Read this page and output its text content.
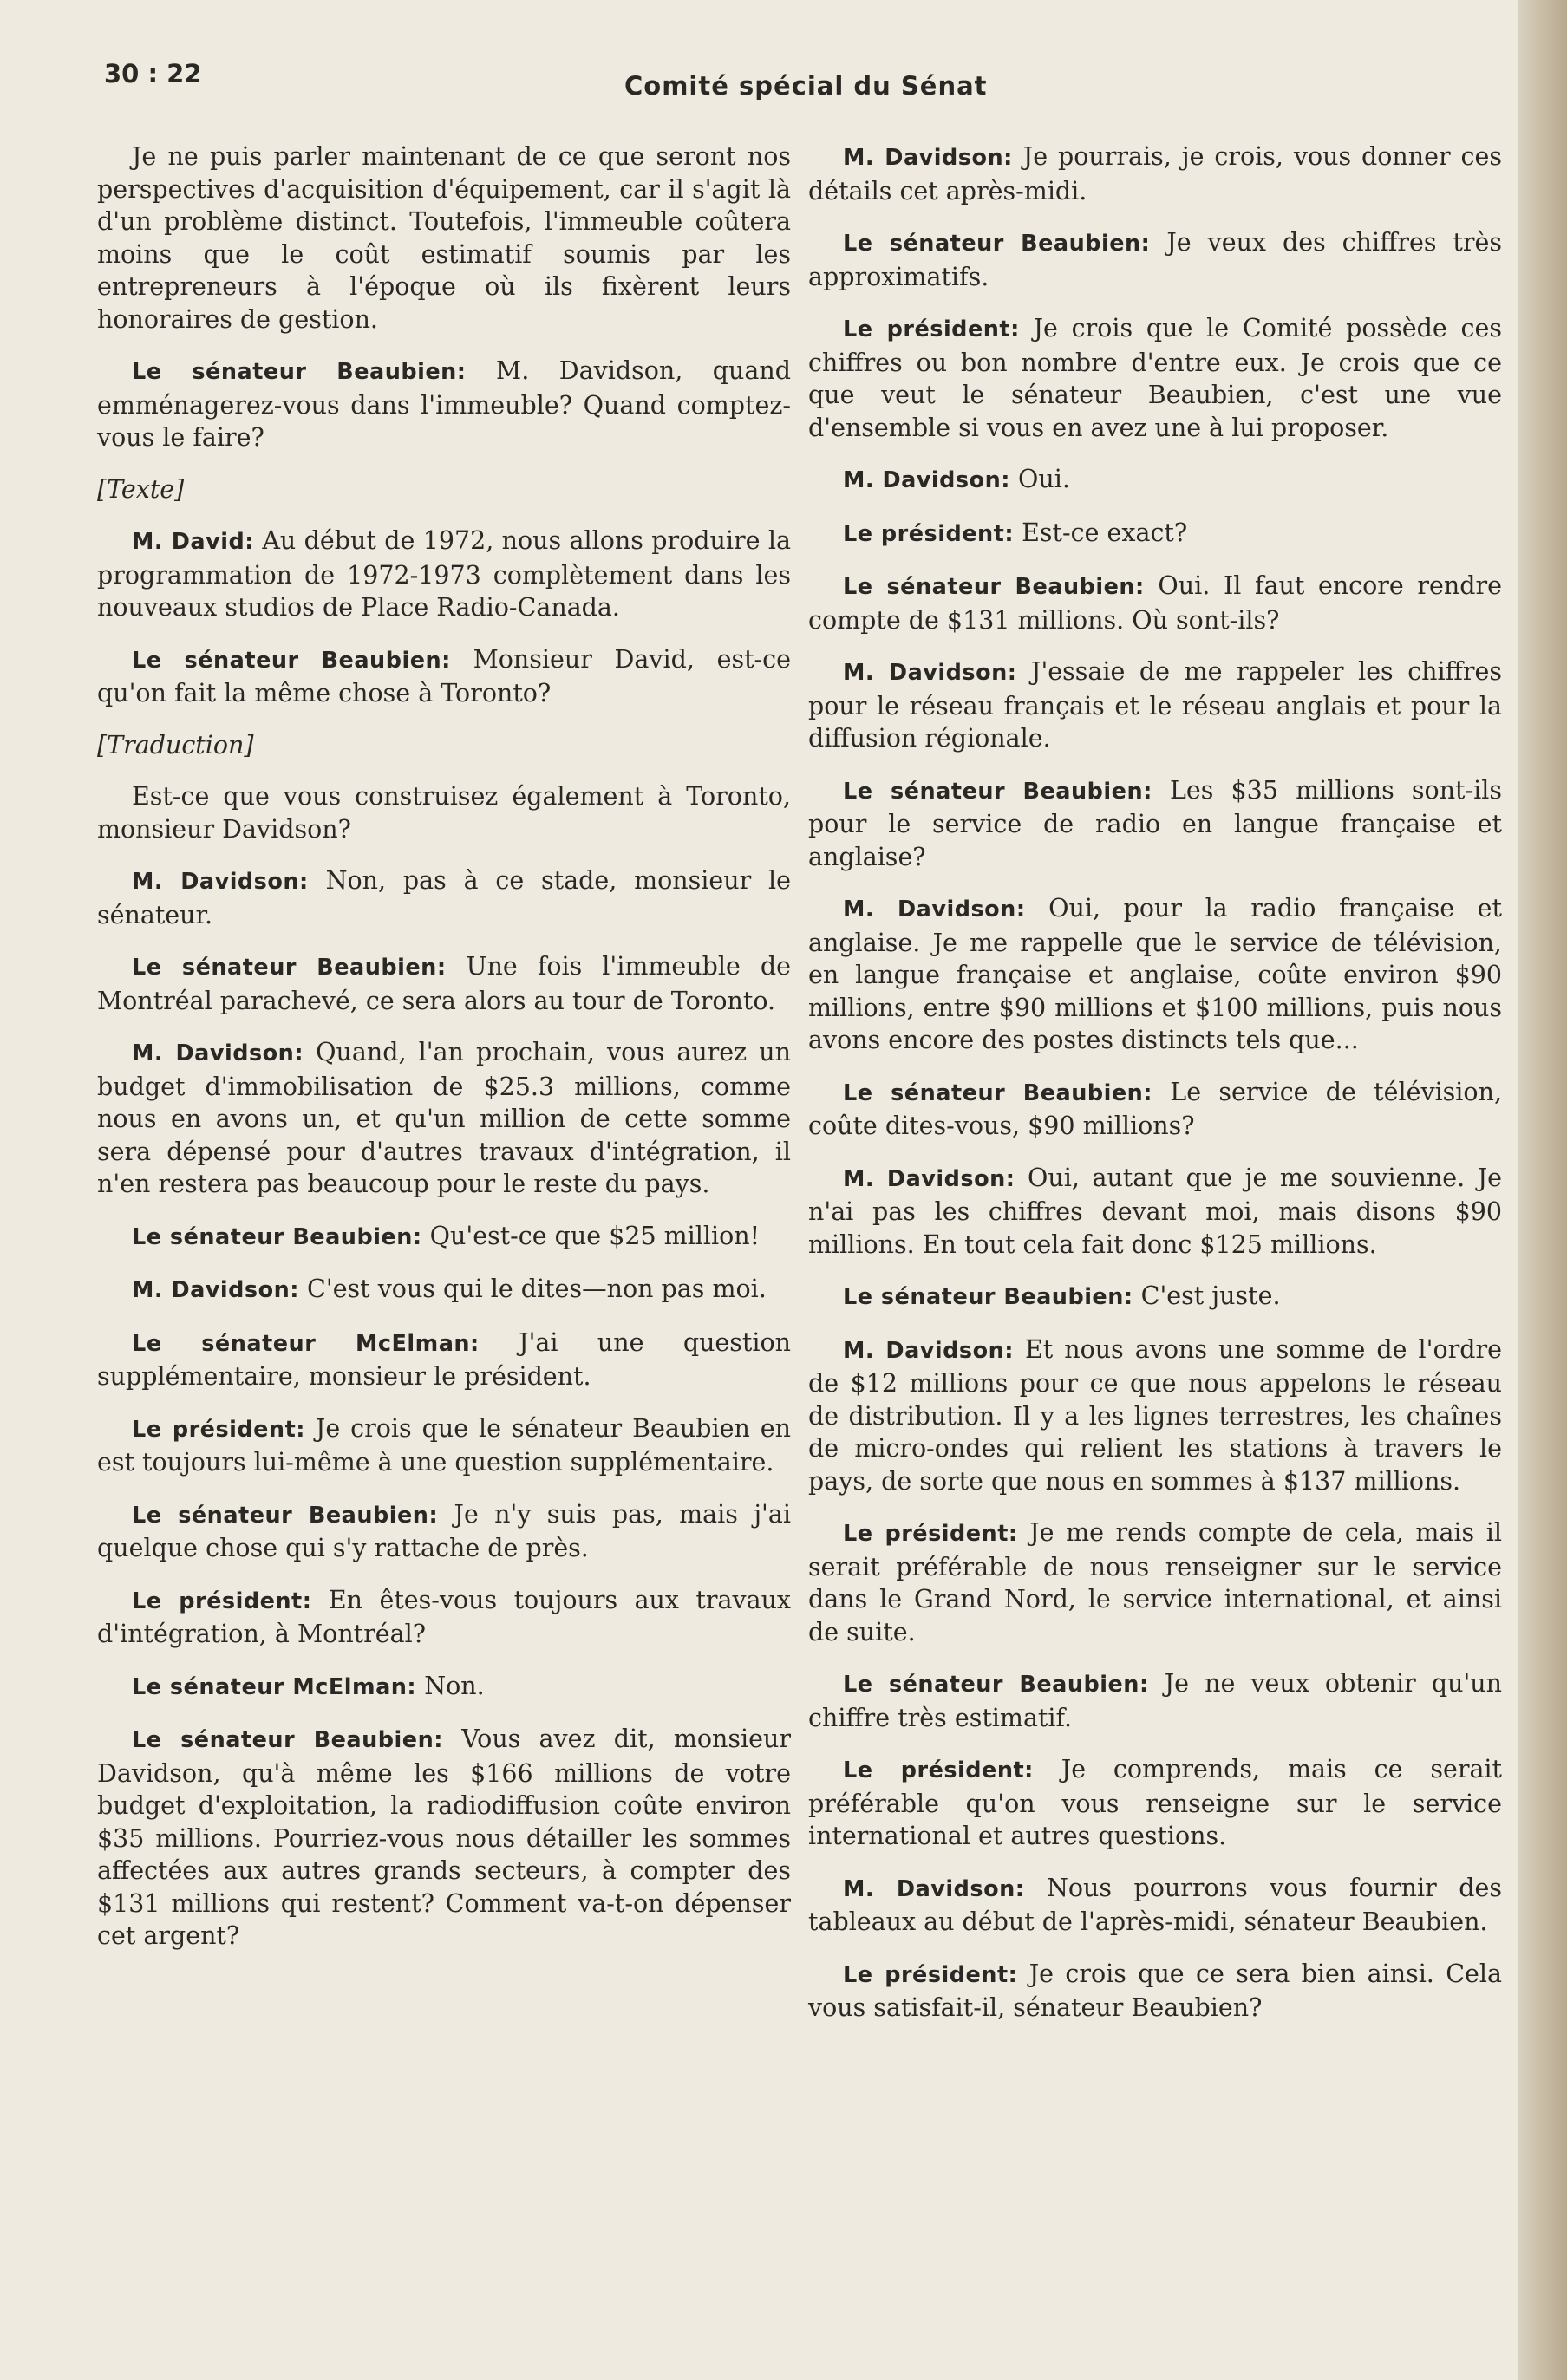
30 : 22	Comité spécial du Sénat

Je ne puis parler maintenant de ce que seront nos perspectives d'acquisition d'équipement, car il s'agit là d'un problème distinct. Toutefois, l'immeuble coûtera moins que le coût estimatif soumis par les entrepreneurs à l'époque où ils fixèrent leurs honoraires de gestion.

Le sénateur Beaubien: M. Davidson, quand emménagerez-vous dans l'immeuble? Quand comptez-vous le faire?

[Texte]

M. David: Au début de 1972, nous allons produire la programmation de 1972-1973 complètement dans les nouveaux studios de Place Radio-Canada.

Le sénateur Beaubien: Monsieur David, est-ce qu'on fait la même chose à Toronto?

[Traduction]

Est-ce que vous construisez également à Toronto, monsieur Davidson?

M. Davidson: Non, pas à ce stade, monsieur le sénateur.

Le sénateur Beaubien: Une fois l'immeuble de Montréal parachevé, ce sera alors au tour de Toronto.

M. Davidson: Quand, l'an prochain, vous aurez un budget d'immobilisation de $25.3 millions, comme nous en avons un, et qu'un million de cette somme sera dépensé pour d'autres travaux d'intégration, il n'en restera pas beaucoup pour le reste du pays.

Le sénateur Beaubien: Qu'est-ce que $25 million!

M. Davidson: C'est vous qui le dites—non pas moi.

Le sénateur McElman: J'ai une question supplémentaire, monsieur le président.

Le président: Je crois que le sénateur Beaubien en est toujours lui-même à une question supplémentaire.

Le sénateur Beaubien: Je n'y suis pas, mais j'ai quelque chose qui s'y rattache de près.

Le président: En êtes-vous toujours aux travaux d'intégration, à Montréal?

Le sénateur McElman: Non.

Le sénateur Beaubien: Vous avez dit, monsieur Davidson, qu'à même les $166 millions de votre budget d'exploitation, la radiodiffusion coûte environ $35 millions. Pourriez-vous nous détailler les sommes affectées aux autres grands secteurs, à compter des $131 millions qui restent? Comment va-t-on dépenser cet argent?

M. Davidson: Je pourrais, je crois, vous donner ces détails cet après-midi.

Le sénateur Beaubien: Je veux des chiffres très approximatifs.

Le président: Je crois que le Comité possède ces chiffres ou bon nombre d'entre eux. Je crois que ce que veut le sénateur Beaubien, c'est une vue d'ensemble si vous en avez une à lui proposer.

M. Davidson: Oui.

Le président: Est-ce exact?

Le sénateur Beaubien: Oui. Il faut encore rendre compte de $131 millions. Où sont-ils?

M. Davidson: J'essaie de me rappeler les chiffres pour le réseau français et le réseau anglais et pour la diffusion régionale.

Le sénateur Beaubien: Les $35 millions sont-ils pour le service de radio en langue française et anglaise?

M. Davidson: Oui, pour la radio française et anglaise. Je me rappelle que le service de télévision, en langue française et anglaise, coûte environ $90 millions, entre $90 millions et $100 millions, puis nous avons encore des postes distincts tels que...

Le sénateur Beaubien: Le service de télévision, coûte dites-vous, $90 millions?

M. Davidson: Oui, autant que je me souvienne. Je n'ai pas les chiffres devant moi, mais disons $90 millions. En tout cela fait donc $125 millions.

Le sénateur Beaubien: C'est juste.

M. Davidson: Et nous avons une somme de l'ordre de $12 millions pour ce que nous appelons le réseau de distribution. Il y a les lignes terrestres, les chaînes de micro-ondes qui relient les stations à travers le pays, de sorte que nous en sommes à $137 millions.

Le président: Je me rends compte de cela, mais il serait préférable de nous renseigner sur le service dans le Grand Nord, le service international, et ainsi de suite.

Le sénateur Beaubien: Je ne veux obtenir qu'un chiffre très estimatif.

Le président: Je comprends, mais ce serait préférable qu'on vous renseigne sur le service international et autres questions.

M. Davidson: Nous pourrons vous fournir des tableaux au début de l'après-midi, sénateur Beaubien.

Le président: Je crois que ce sera bien ainsi. Cela vous satisfait-il, sénateur Beaubien?
